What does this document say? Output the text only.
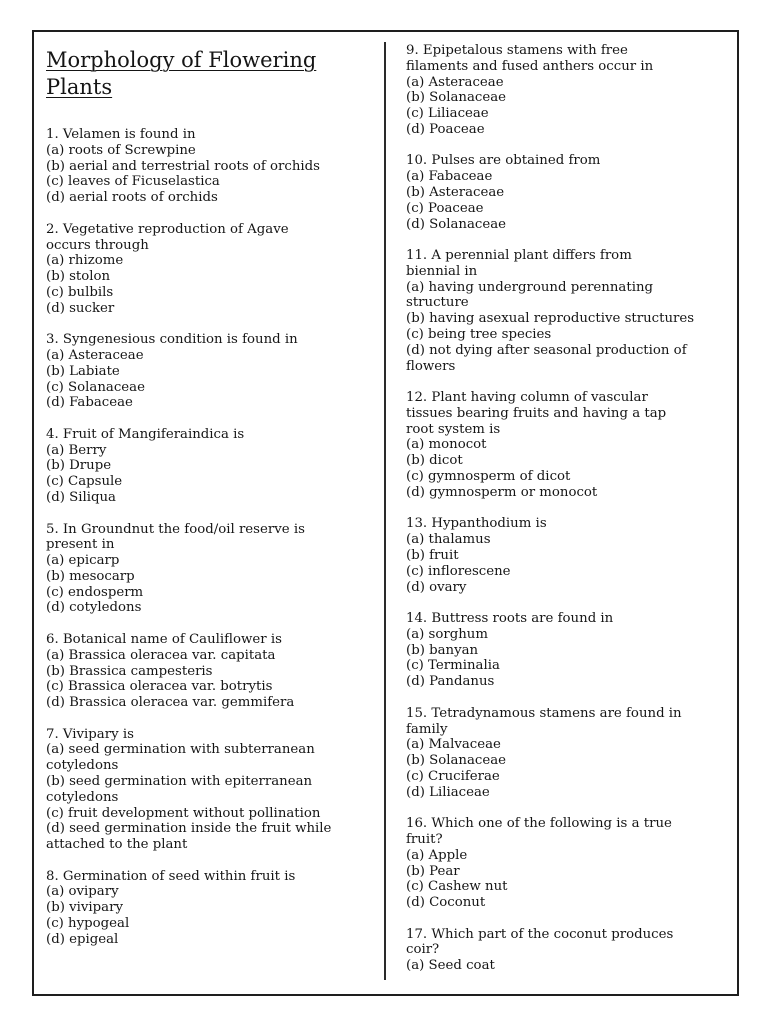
Morphology of Flowering
Plants
1. Velamen is found in
(a) roots of Screwpine
(b) aerial and terrestrial roots of orchids
(c) leaves of Ficuselastica
(d) aerial roots of orchids
2. Vegetative reproduction of Agave
occurs through
(a) rhizome
(b) stolon
(c) bulbils
(d) sucker
3. Syngenesious condition is found in
(a) Asteraceae
(b) Labiate
(c) Solanaceae
(d) Fabaceae
4. Fruit of Mangiferaindica is
(a) Berry
(b) Drupe
(c) Capsule
(d) Siliqua
5. In Groundnut the food/oil reserve is
present in
(a) epicarp
(b) mesocarp
(c) endosperm
(d) cotyledons
6. Botanical name of Cauliflower is
(a) Brassica oleracea var. capitata
(b) Brassica campesteris
(c) Brassica oleracea var. botrytis
(d) Brassica oleracea var. gemmifera
7. Vivipary is
(a) seed germination with subterranean
cotyledons
(b) seed germination with epiterranean
cotyledons
(c) fruit development without pollination
(d) seed germination inside the fruit while
attached to the plant
8. Germination of seed within fruit is
(a) ovipary
(b) vivipary
(c) hypogeal
(d) epigeal
9. Epipetalous stamens with free
filaments and fused anthers occur in
(a) Asteraceae
(b) Solanaceae
(c) Liliaceae
(d) Poaceae
10. Pulses are obtained from
(a) Fabaceae
(b) Asteraceae
(c) Poaceae
(d) Solanaceae
11. A perennial plant differs from
biennial in
(a) having underground perennating
structure
(b) having asexual reproductive structures
(c) being tree species
(d) not dying after seasonal production of
flowers
12. Plant having column of vascular
tissues bearing fruits and having a tap
root system is
(a) monocot
(b) dicot
(c) gymnosperm of dicot
(d) gymnosperm or monocot
13. Hypanthodium is
(a) thalamus
(b) fruit
(c) inflorescene
(d) ovary
14. Buttress roots are found in
(a) sorghum
(b) banyan
(c) Terminalia
(d) Pandanus
15. Tetradynamous stamens are found in
family
(a) Malvaceae
(b) Solanaceae
(c) Cruciferae
(d) Liliaceae
16. Which one of the following is a true
fruit?
(a) Apple
(b) Pear
(c) Cashew nut
(d) Coconut
17. Which part of the coconut produces
coir?
(a) Seed coat
